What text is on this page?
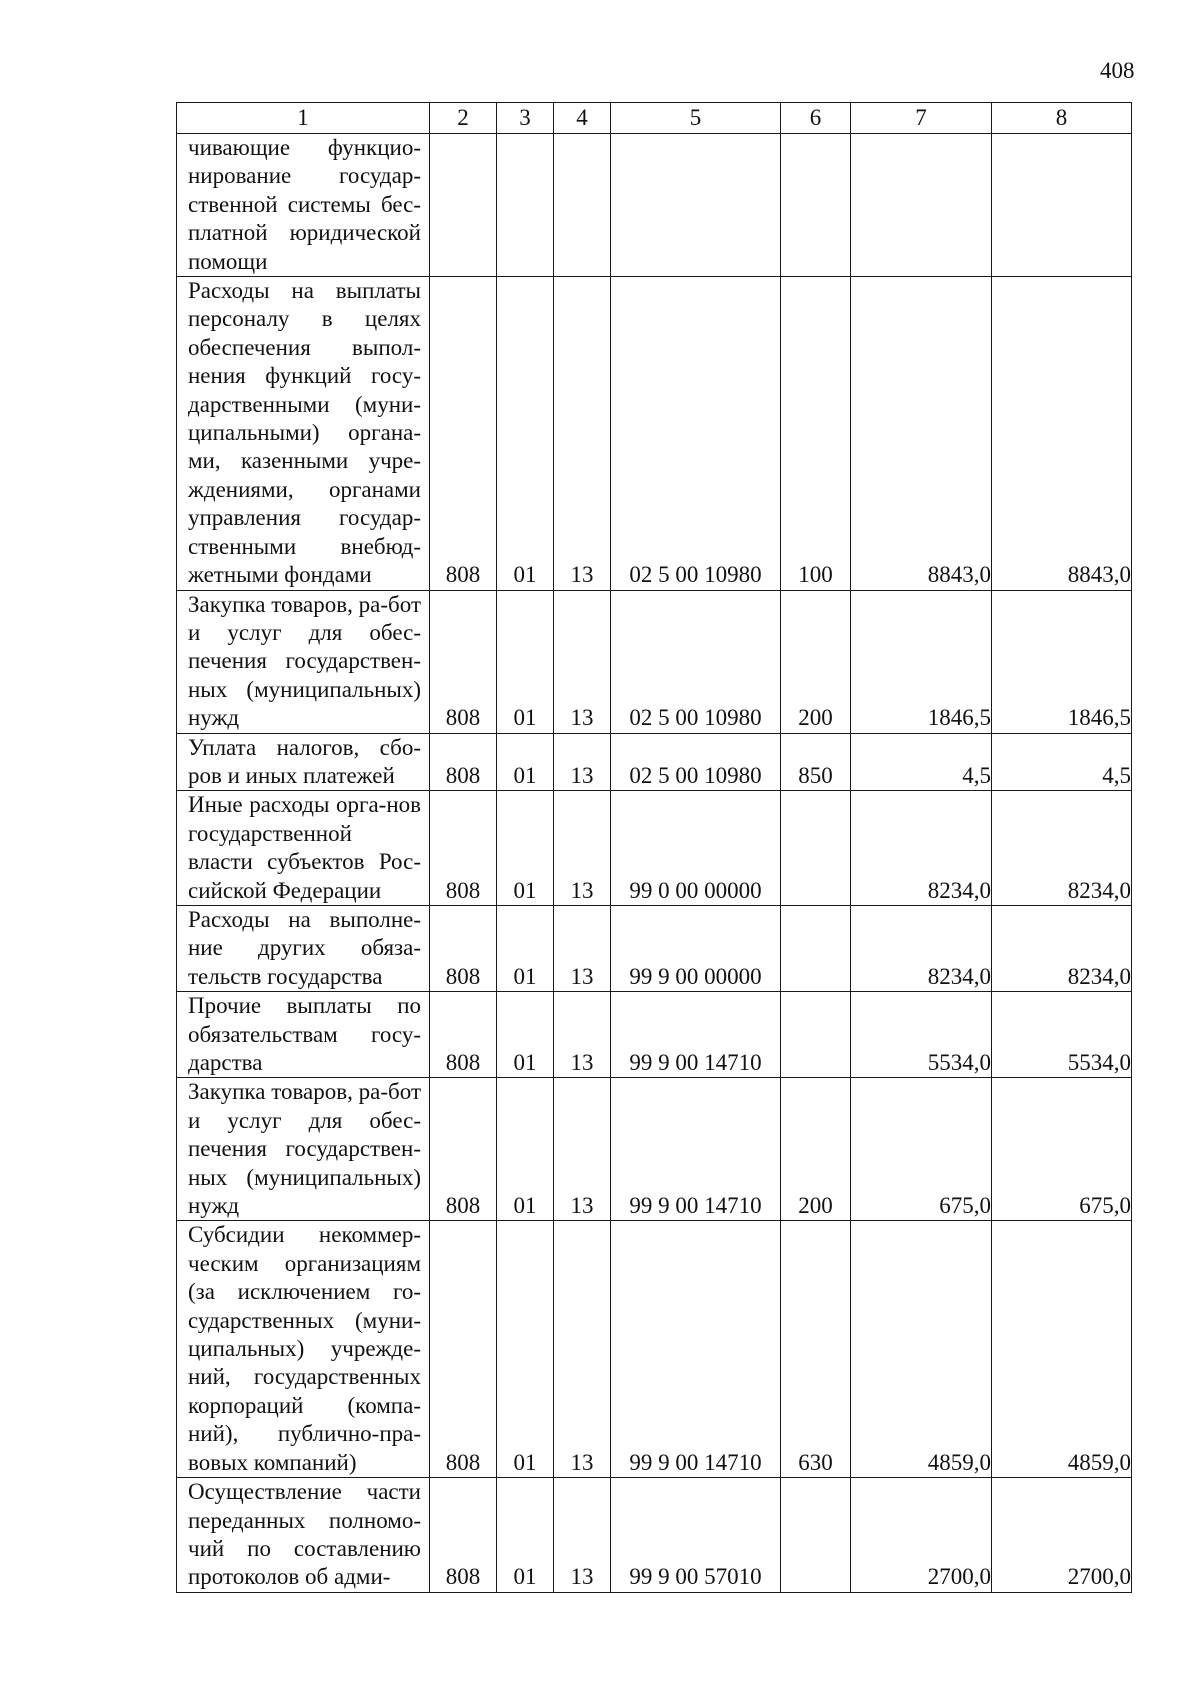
408
1	2	3	4	5	6	7	8
чивающие функцио-нирование государ-ственной системы бес-платной юридической помощи							
Расходы на выплаты персоналу в целях обеспечения выпол-нения функций госу-дарственными (муни-ципальными) органа-ми, казенными учре-ждениями, органами управления государ-ственными внебюд-жетными фондами	808	01	13	02 5 00 10980	100	8843,0	8843,0
Закупка товаров, ра-бот и услуг для обес-печения государствен-ных (муниципальных) нужд	808	01	13	02 5 00 10980	200	1846,5	1846,5
Уплата налогов, сбо-ров и иных платежей	808	01	13	02 5 00 10980	850	4,5	4,5
Иные расходы орга-нов государственной власти субъектов Рос-сийской Федерации	808	01	13	99 0 00 00000		8234,0	8234,0
Расходы на выполне-ние других обяза-тельств государства	808	01	13	99 9 00 00000		8234,0	8234,0
Прочие выплаты по обязательствам госу-дарства	808	01	13	99 9 00 14710		5534,0	5534,0
Закупка товаров, ра-бот и услуг для обес-печения государствен-ных (муниципальных) нужд	808	01	13	99 9 00 14710	200	675,0	675,0
Субсидии некоммер-ческим организациям (за исключением го-сударственных (муни-ципальных) учрежде-ний, государственных корпораций (компа-ний), публично-пра-вовых компаний)	808	01	13	99 9 00 14710	630	4859,0	4859,0
Осуществление части переданных полномо-чий по составлению протоколов об адми-	808	01	13	99 9 00 57010		2700,0	2700,0
